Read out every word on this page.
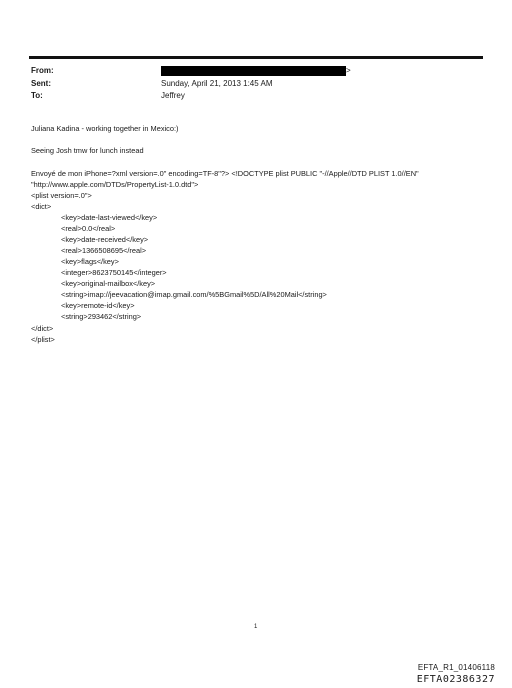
From:	>
Sent:	Sunday, April 21, 2013 1:45 AM
To:	Jeffrey
Juliana Kadina - working together in Mexico:)
Seeing Josh tmw for lunch instead
Envoyé de mon iPhone=?xml version=.0" encoding=TF-8"?> <!DOCTYPE plist PUBLIC "-//Apple//DTD PLIST 1.0//EN"
"http://www.apple.com/DTDs/PropertyList-1.0.dtd">
<plist version=.0">
<dict>
<key>date-last-viewed</key>
<real>0.0</real>
<key>date-received</key>
<real>1366508695</real>
<key>flags</key>
<integer>8623750145</integer>
<key>original-mailbox</key>
<string>imap://jeevacation@imap.gmail.com/%5BGmail%5D/All%20Mail</string>
<key>remote-id</key>
<string>293462</string>
</dict>
</plist>
1
EFTA_R1_01406118
EFTA02386327
